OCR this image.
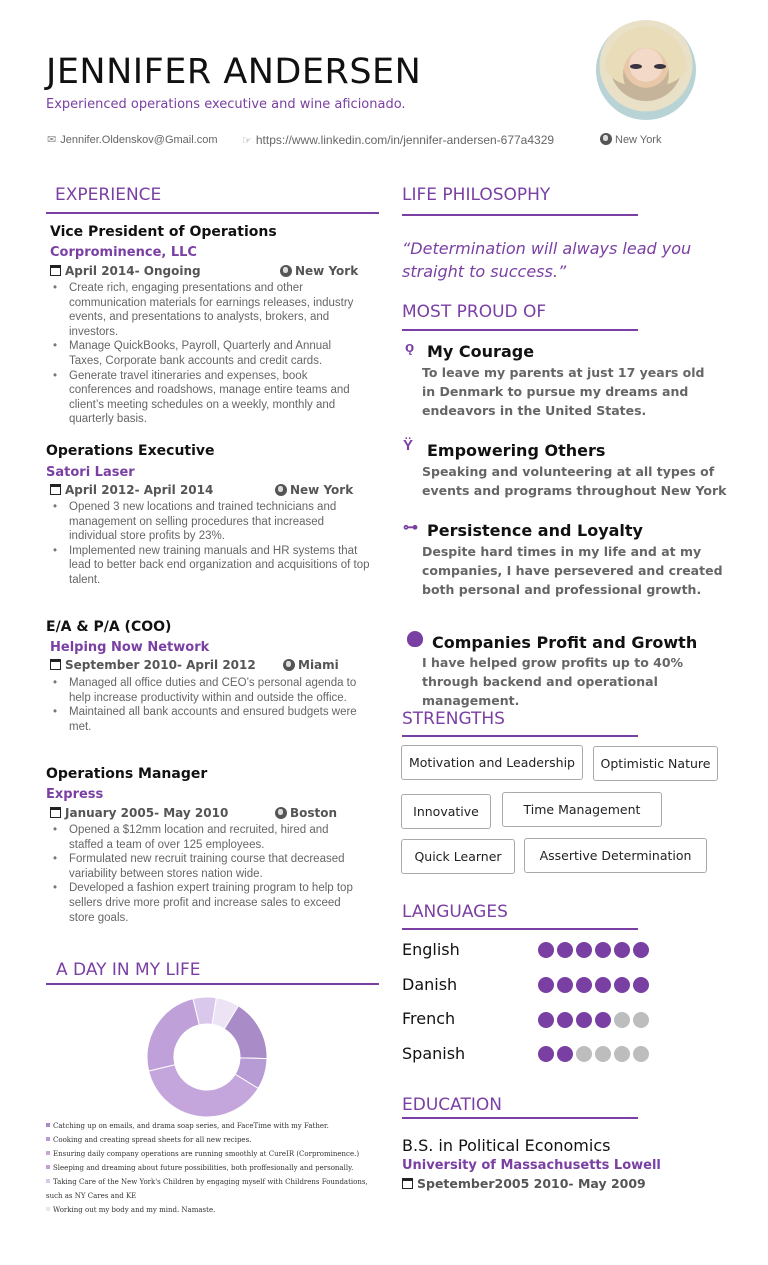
JENNIFER ANDERSEN
Experienced operations executive and wine aficionado.
✉ Jennifer.Oldenskov@Gmail.com ☞ https://www.linkedin.com/in/jennifer-andersen-677a4329	New York
EXPERIENCE
Vice President of Operations
Corprominence, LLC
April 2014- Ongoing	New York
• Create rich, engaging presentations and other communication materials for earnings releases, industry events, and presentations to analysts, brokers, and investors.
• Manage QuickBooks, Payroll, Quarterly and Annual Taxes, Corporate bank accounts and credit cards.
• Generate travel itineraries and expenses, book conferences and roadshows, manage entire teams and client’s meeting schedules on a weekly, monthly and quarterly basis.
Operations Executive
Satori Laser
April 2012- April 2014	New York
• Opened 3 new locations and trained technicians and management on selling procedures that increased individual store profits by 23%.
• Implemented new training manuals and HR systems that lead to better back end organization and acquisitions of top talent.
E/A & P/A (COO)
Helping Now Network
September 2010- April 2012	Miami
• Managed all office duties and CEO’s personal agenda to help increase productivity within and outside the office.
• Maintained all bank accounts and ensured budgets were met.
Operations Manager
Express
January 2005- May 2010	Boston
• Opened a $12mm location and recruited, hired and staffed a team of over 125 employees.
• Formulated new recruit training course that decreased variability between stores nation wide.
• Developed a fashion expert training program to help top sellers drive more profit and increase sales to exceed store goals.
A DAY IN MY LIFE
Catching up on emails, and drama soap series, and FaceTime with my Father.
Cooking and creating spread sheets for all new recipes.
Ensuring daily company operations are running smoothly at CureIR (Corprominence.)
Sleeping and dreaming about future possibilities, both proffesionally and personally.
Taking Care of the New York's Children by engaging myself with Childrens Foundations, such as NY Cares and KE
Working out my body and my mind. Namaste.
LIFE PHILOSOPHY
“Determination will always lead you straight to success.”
MOST PROUD OF
ǫ My Courage
To leave my parents at just 17 years old in Denmark to pursue my dreams and endeavors in the United States.
Ÿ Empowering Others
Speaking and volunteering at all types of events and programs throughout New York
⊶ Persistence and Loyalty
Despite hard times in my life and at my companies, I have persevered and created both personal and professional growth.
Companies Profit and Growth
I have helped grow profits up to 40% through backend and operational management.
STRENGTHS
Motivation and Leadership	Optimistic Nature
Innovative	Time Management
Quick Learner	Assertive Determination
LANGUAGES
English
Danish
French
Spanish
EDUCATION
B.S. in Political Economics
University of Massachusetts Lowell
Spetember2005 2010- May 2009
